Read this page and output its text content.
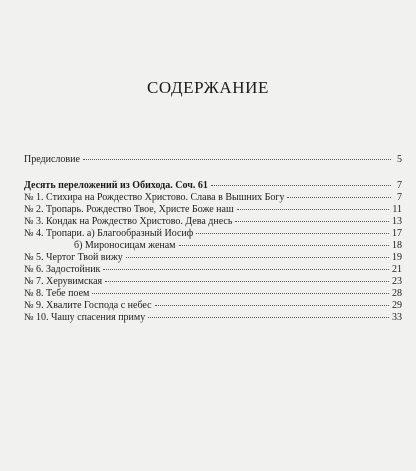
СОДЕРЖАНИЕ
Предисловие	5
Десять переложений из Обихода. Соч. 61	7
№ 1. Стихира на Рождество Христово. Слава в Вышних Богу	7
№ 2. Тропарь. Рождество Твое, Христе Боже наш	11
№ 3. Кондак на Рождество Христово. Дева днесь	13
№ 4. Тропари. а) Благообразный Иосиф	17
б) Мироносицам женам	18
№ 5. Чертог Твой вижу	19
№ 6. Задостойник	21
№ 7. Херувимская	23
№ 8. Тебе поем	28
№ 9. Хвалите Господа с небес	29
№ 10. Чашу спасения приму	33
